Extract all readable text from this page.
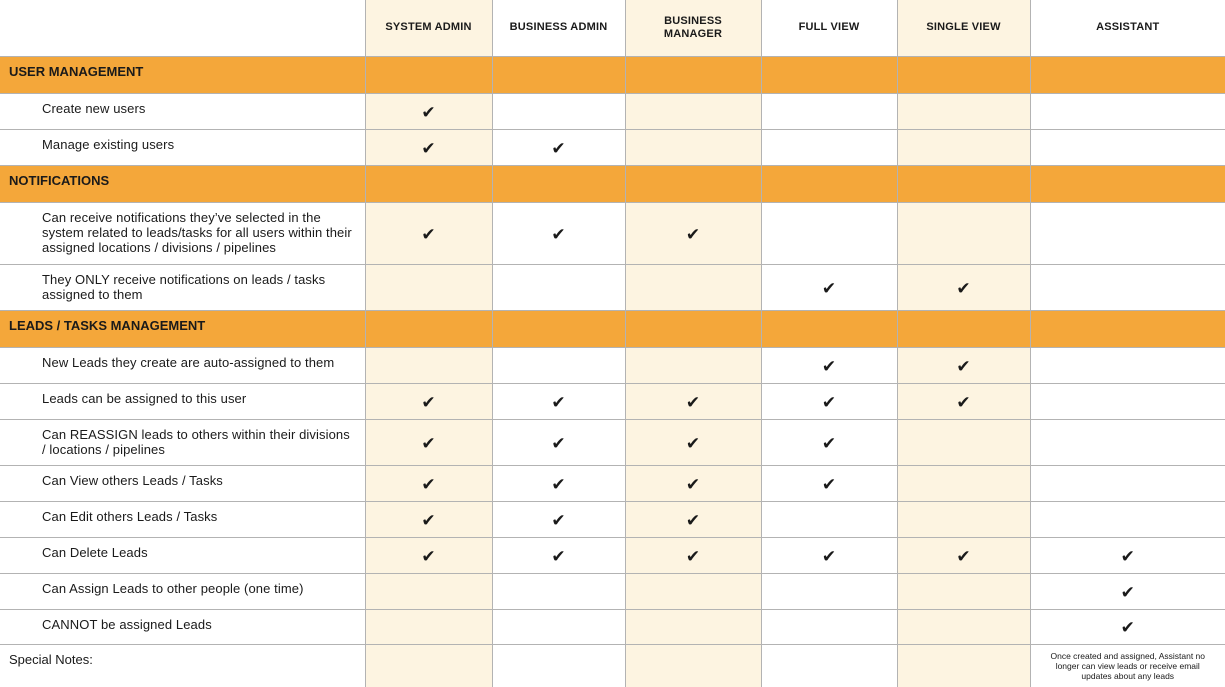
	SYSTEM ADMIN	BUSINESS ADMIN	BUSINESS
MANAGER	FULL VIEW	SINGLE VIEW	ASSISTANT
USER MANAGEMENT						
Create new users	✔					
Manage existing users	✔	✔				
NOTIFICATIONS						
Can receive notifications they’ve selected in the system related to leads/tasks for all users within their assigned locations / divisions / pipelines	✔	✔	✔			
They ONLY receive notifications on leads / tasks assigned to them				✔	✔	
LEADS / TASKS MANAGEMENT						
New Leads they create are auto-assigned to them				✔	✔	
Leads can be assigned to this user	✔	✔	✔	✔	✔	
Can REASSIGN leads to others within their divisions / locations / pipelines	✔	✔	✔	✔		
Can View others Leads / Tasks	✔	✔	✔	✔		
Can Edit others Leads / Tasks	✔	✔	✔			
Can Delete Leads	✔	✔	✔	✔	✔	✔
Can Assign Leads to other people (one time)						✔
CANNOT be assigned Leads						✔
Special Notes:						Once created and assigned, Assistant no longer can view leads or receive email updates about any leads
